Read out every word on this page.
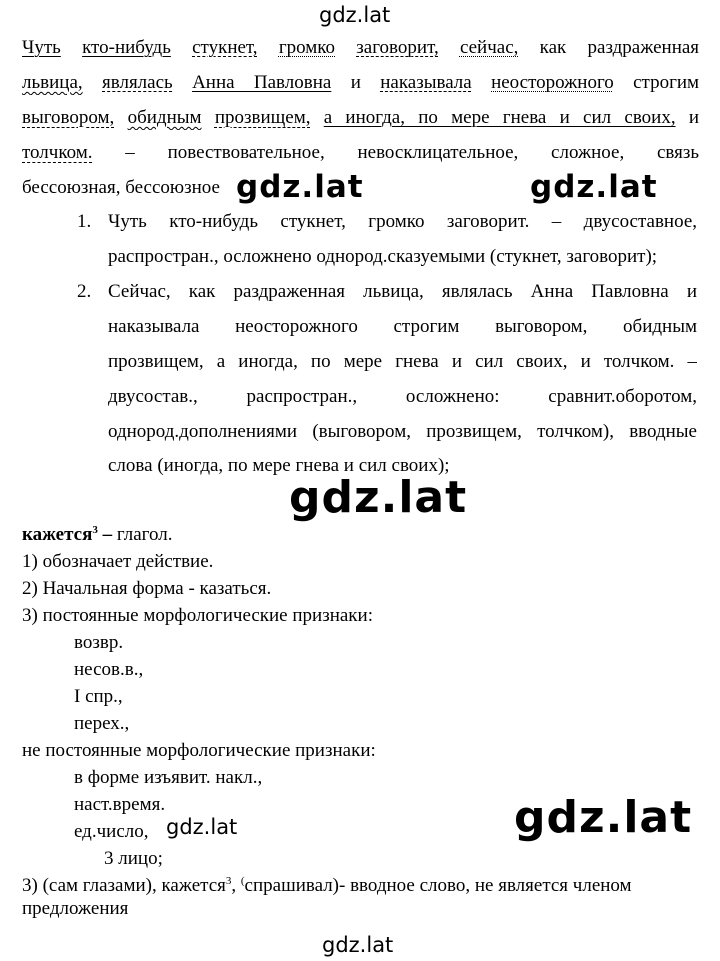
gdz.lat
gdz.lat	gdz.lat
gdz.lat
gdz.lat
gdz.lat
gdz.lat
Чуть кто-нибудь стукнет, громко заговорит, сейчас, как раздраженная
львица, являлась Анна Павловна и наказывала неосторожного строгим
выговором, обидным прозвищем, а иногда, по мере гнева и сил своих, и
толчком. – повествовательное, невосклицательное, сложное, связь
бессоюзная, бессоюзное
1. Чуть кто-нибудь стукнет, громко заговорит. – двусоставное,
распростран., осложнено однород.сказуемыми (стукнет, заговорит);
2. Сейчас, как раздраженная львица, являлась Анна Павловна и
наказывала неосторожного строгим выговором, обидным
прозвищем, а иногда, по мере гнева и сил своих, и толчком. –
двусостав., распростран., осложнено: сравнит.оборотом,
однород.дополнениями (выговором, прозвищем, толчком), вводные
слова (иногда, по мере гнева и сил своих);
кажется$^3$ – глагол.
1) обозначает действие.
2) Начальная форма - казаться.
3) постоянные морфологические признаки:
возвр.
несов.в.,
I спр.,
перех.,
не постоянные морфологические признаки:
в форме изъявит. накл.,
наст.время.
ед.число,
3 лицо;
3) (сам глазами), кажется$^3$, (спрашивал)- вводное слово, не является членом
предложения
